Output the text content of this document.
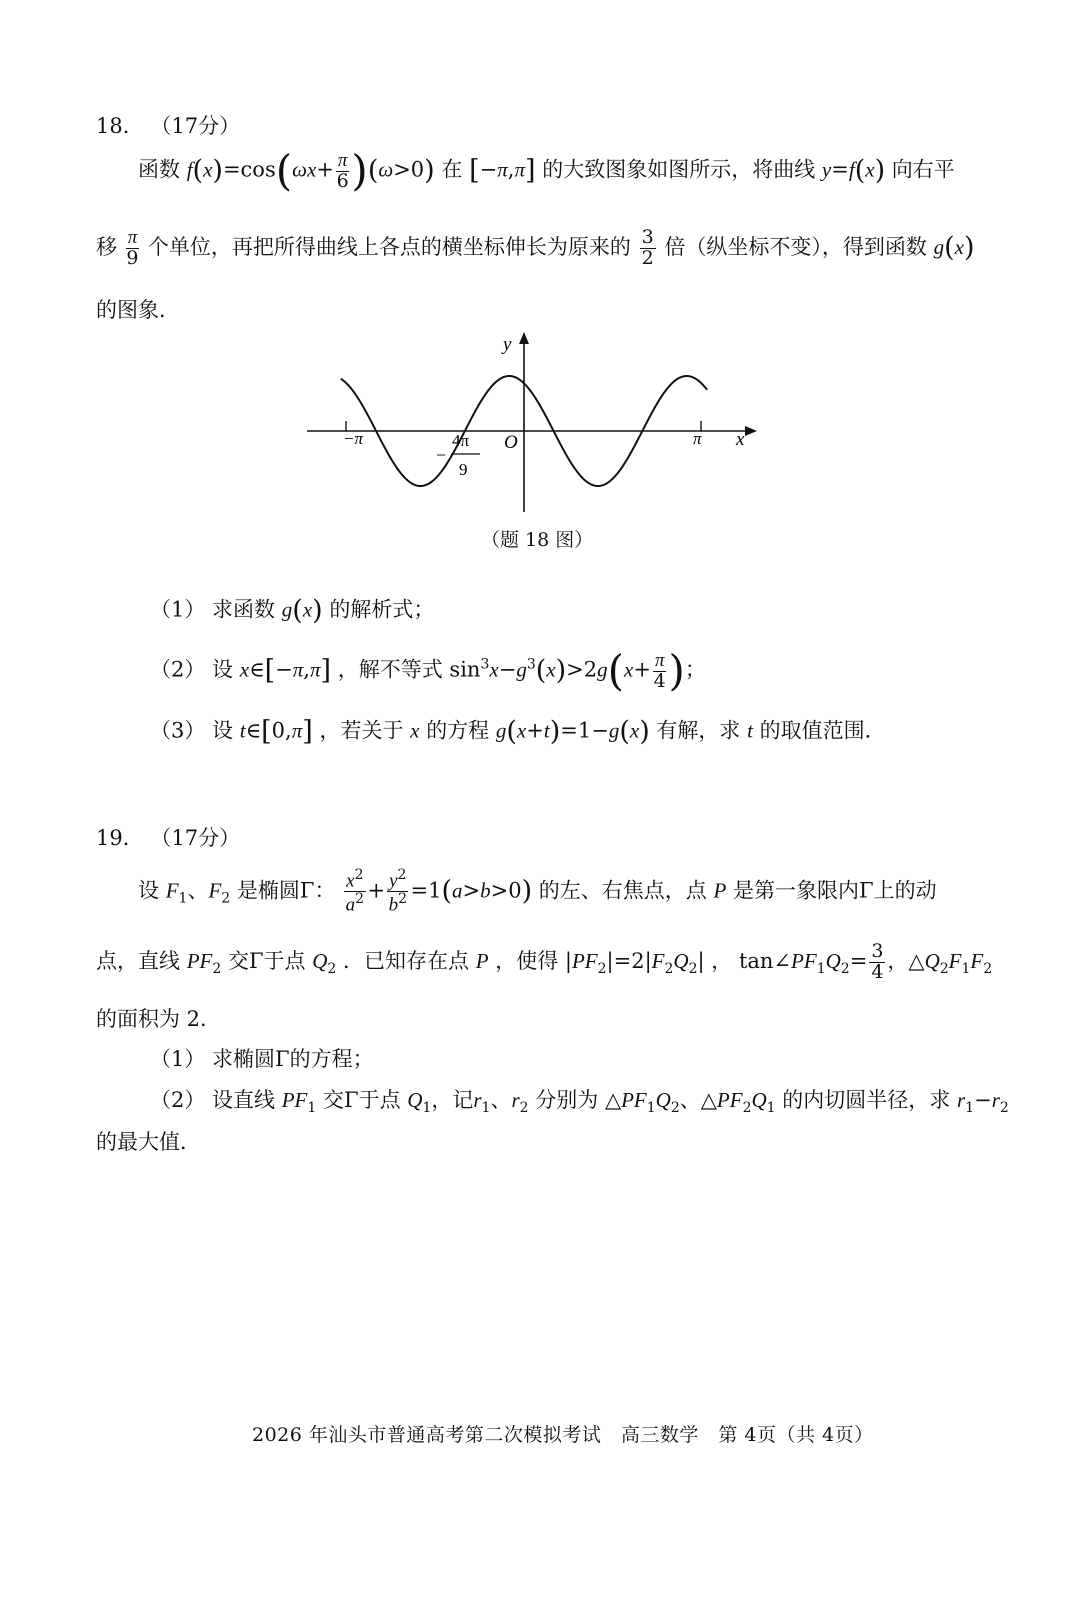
18． （17分）
函数 $f(x)=\cos(\omega x+ \frac{\pi}{6} )(\omega>0)$ 在 [−π,π] 的大致图象如图所示，将曲线 y=f(x) 向右平
移 $\frac{\pi}{9}$ 个单位，再把所得曲线上各点的横坐标伸长为原来的 $\frac{3}{2}$ 倍（纵坐标不变），得到函数 g(x)
的图象．
y
x
O
−π	π
−
4π
9
（题 18 图）
（1） 求函数 g(x) 的解析式；
（2） 设 x∈[−π,π] ，解不等式 $\sin^3x-g^3(x)>2g(x+ \frac{\pi}{4}$ )；
（3） 设 t∈[0,π] ，若关于 x 的方程 g(x+t)=1−g(x) 有解，求 t 的取值范围．
19． （17分）
设 $F_1$、$F_2$ 是椭圆Γ： $\frac{x^2}{a^2} + \frac{y^2}{b^2} =1(a>b>0)$ 的左、右焦点，点 P 是第一象限内Γ上的动
点，直线 $PF_2$ 交Γ于点 $Q_2$ ．已知存在点 P ，使得 $|PF_2|=2|F_2Q_2|$ ， $\tan\angle PF_1Q_2= \frac{3}{4}$ ，$\triangle Q_2F_1F_2$
的面积为 2．
（1） 求椭圆Γ的方程；
（2） 设直线 $PF_1$ 交Γ于点 $Q_1$，记$r_1$、$r_2$ 分别为 $\triangle PF_1Q_2$、$\triangle PF_2Q_1$ 的内切圆半径，求 $r_1-r_2$
的最大值．
2026 年汕头市普通高考第二次模拟考试　高三数学　第 4页（共 4页）
